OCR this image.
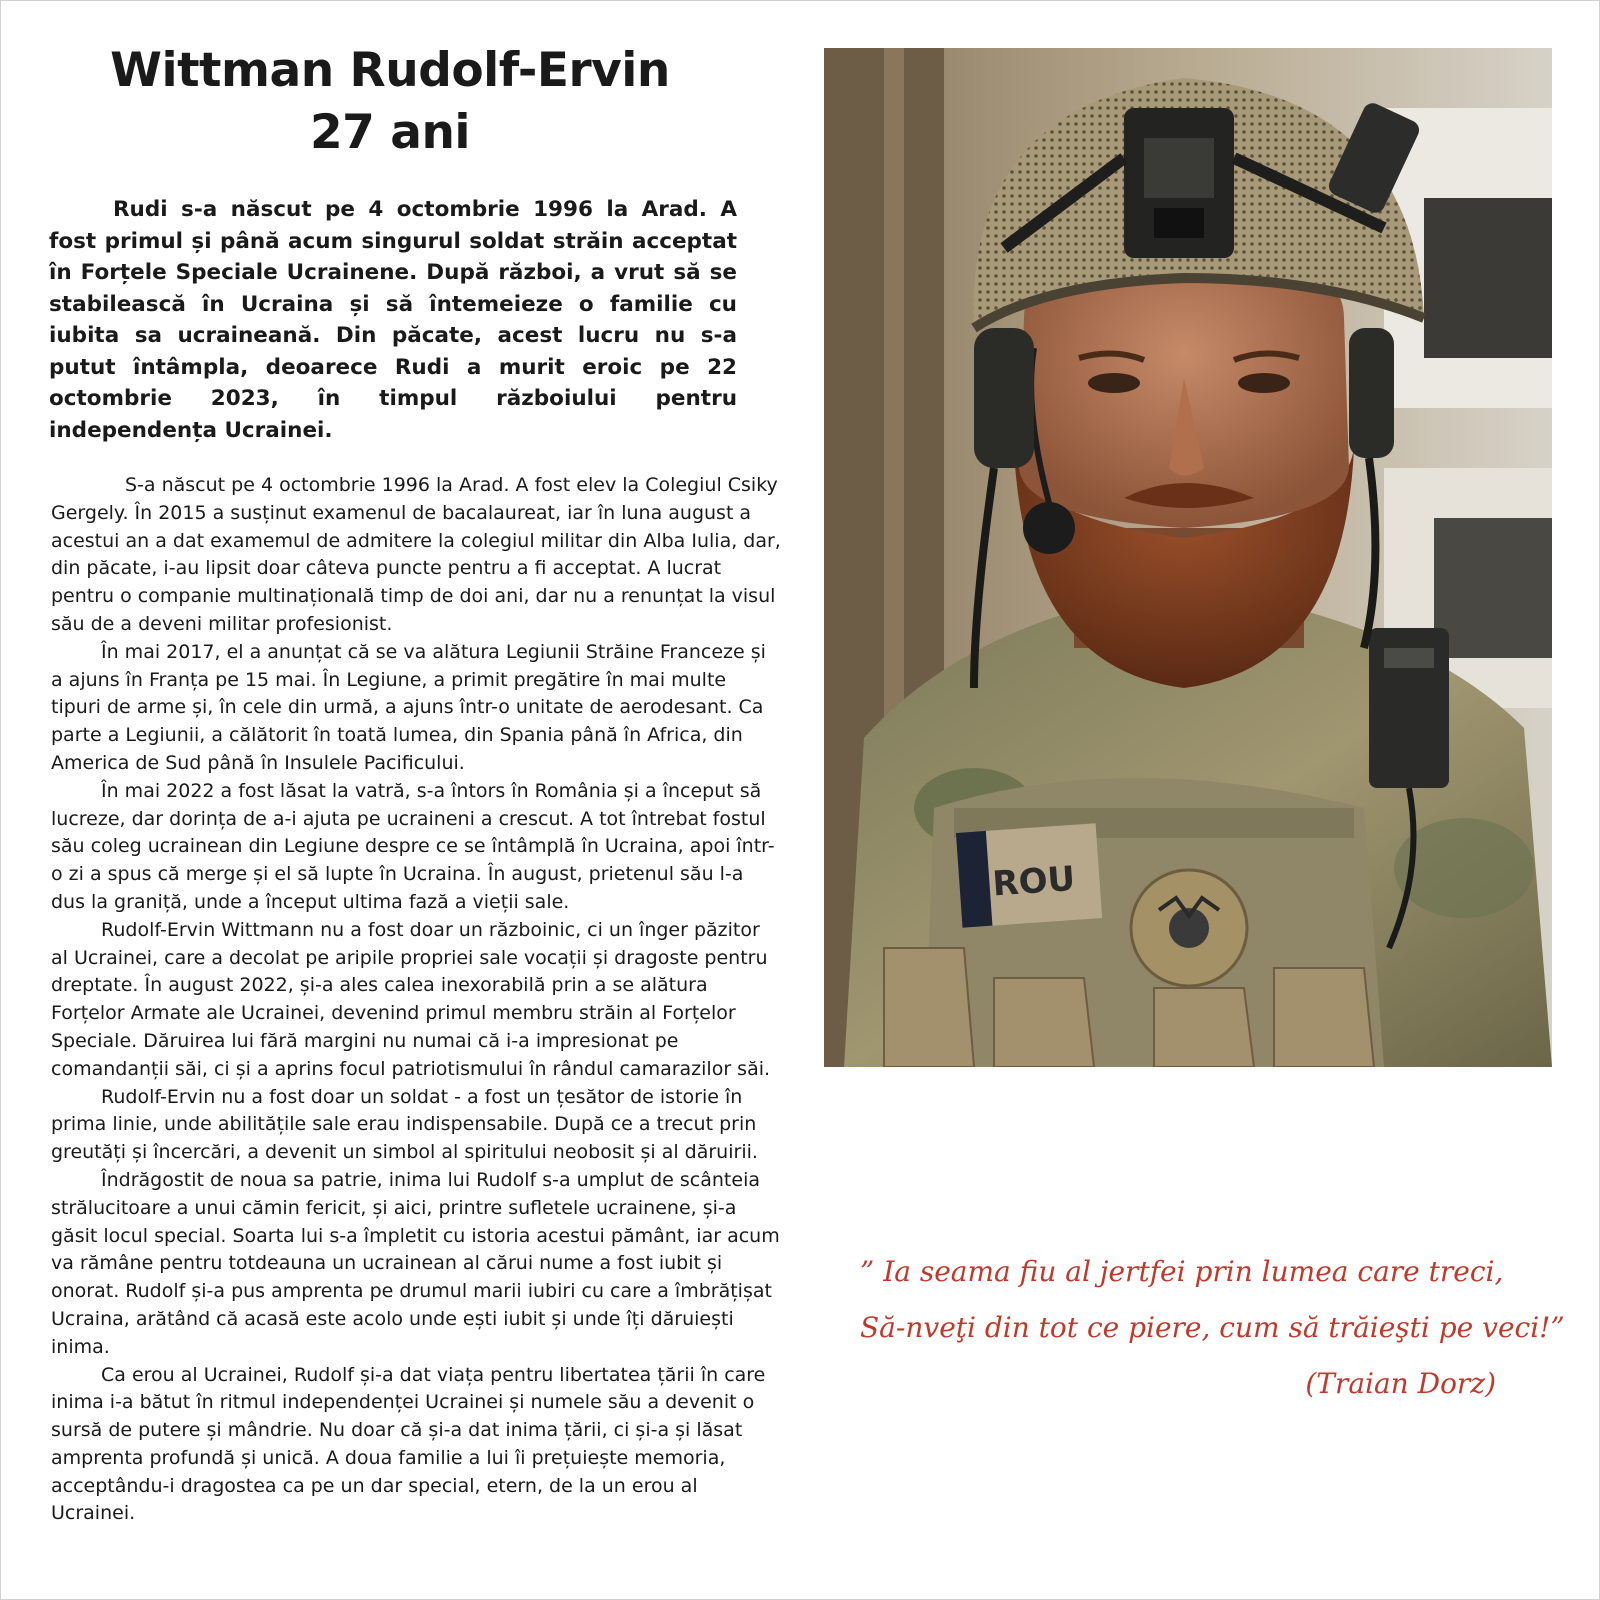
Wittman Rudolf-Ervin
27 ani

Rudi s-a născut pe 4 octombrie 1996 la Arad. A fost primul și până acum singurul soldat străin acceptat în Forțele Speciale Ucrainene. După război, a vrut să se stabilească în Ucraina și să întemeieze o familie cu iubita sa ucraineană. Din păcate, acest lucru nu s-a putut întâmpla, deoarece Rudi a murit eroic pe 22 octombrie 2023, în timpul războiului pentru independența Ucrainei.

S-a născut pe 4 octombrie 1996 la Arad. A fost elev la Colegiul Csiky Gergely. În 2015 a susținut examenul de bacalaureat, iar în luna august a acestui an a dat examemul de admitere la colegiul militar din Alba Iulia, dar, din păcate, i-au lipsit doar câteva puncte pentru a fi acceptat. A lucrat pentru o companie multinațională timp de doi ani, dar nu a renunțat la visul său de a deveni militar profesionist.

În mai 2017, el a anunțat că se va alătura Legiunii Străine Franceze și a ajuns în Franța pe 15 mai. În Legiune, a primit pregătire în mai multe tipuri de arme și, în cele din urmă, a ajuns într-o unitate de aerodesant. Ca parte a Legiunii, a călătorit în toată lumea, din Spania până în Africa, din America de Sud până în Insulele Pacificului.

În mai 2022 a fost lăsat la vatră, s-a întors în România și a început să lucreze, dar dorința de a-i ajuta pe ucraineni a crescut. A tot întrebat fostul său coleg ucrainean din Legiune despre ce se întâmplă în Ucraina, apoi într-o zi a spus că merge și el să lupte în Ucraina. În august, prietenul său l-a dus la graniță, unde a început ultima fază a vieții sale.

Rudolf-Ervin Wittmann nu a fost doar un războinic, ci un înger păzitor al Ucrainei, care a decolat pe aripile propriei sale vocații și dragoste pentru dreptate. În august 2022, și-a ales calea inexorabilă prin a se alătura Forțelor Armate ale Ucrainei, devenind primul membru străin al Forțelor Speciale. Dăruirea lui fără margini nu numai că i-a impresionat pe comandanții săi, ci și a aprins focul patriotismului în rândul camarazilor săi.

Rudolf-Ervin nu a fost doar un soldat - a fost un țesător de istorie în prima linie, unde abilitățile sale erau indispensabile. După ce a trecut prin greutăți și încercări, a devenit un simbol al spiritului neobosit și al dăruirii.

Îndrăgostit de noua sa patrie, inima lui Rudolf s-a umplut de scânteia strălucitoare a unui cămin fericit, și aici, printre sufletele ucrainene, și-a găsit locul special. Soarta lui s-a împletit cu istoria acestui pământ, iar acum va rămâne pentru totdeauna un ucrainean al cărui nume a fost iubit și onorat. Rudolf și-a pus amprenta pe drumul marii iubiri cu care a îmbrățișat Ucraina, arătând că acasă este acolo unde ești iubit și unde îți dăruiești inima.

Ca erou al Ucrainei, Rudolf și-a dat viața pentru libertatea țării în care inima i-a bătut în ritmul independenței Ucrainei și numele său a devenit o sursă de putere și mândrie. Nu doar că și-a dat inima țării, ci și-a și lăsat amprenta profundă și unică. A doua familie a lui îi prețuiește memoria, acceptându-i dragostea ca pe un dar special, etern, de la un erou al Ucrainei.

ROU
” Ia seama fiu al jertfei prin lumea care treci,
Să-nveţi din tot ce piere, cum să trăieşti pe veci!”
(Traian Dorz)
